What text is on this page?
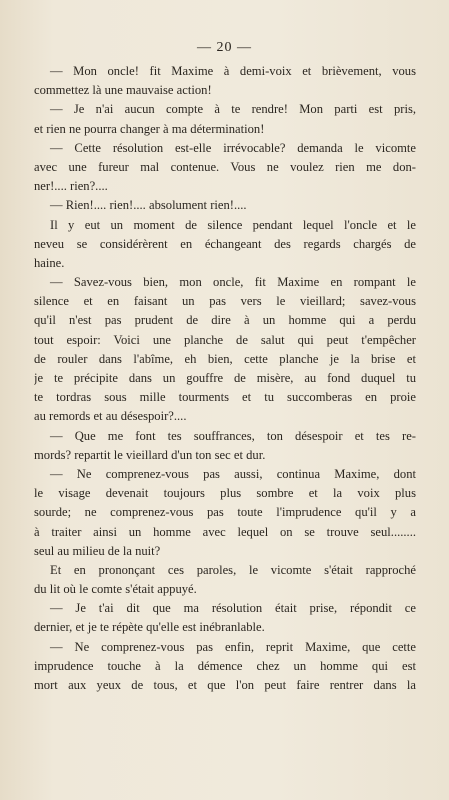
— 20 —
— Mon oncle! fit Maxime à demi-voix et brièvement, vous
commettez là une mauvaise action!
— Je n'ai aucun compte à te rendre! Mon parti est pris,
et rien ne pourra changer à ma détermination!
— Cette résolution est-elle irrévocable? demanda le vicomte
avec une fureur mal contenue. Vous ne voulez rien me don-
ner!.... rien?....
— Rien!.... rien!.... absolument rien!....
Il y eut un moment de silence pendant lequel l'oncle et le
neveu se considérèrent en échangeant des regards chargés de
haine.
— Savez-vous bien, mon oncle, fit Maxime en rompant le
silence et en faisant un pas vers le vieillard; savez-vous
qu'il n'est pas prudent de dire à un homme qui a perdu
tout espoir: Voici une planche de salut qui peut t'empêcher
de rouler dans l'abîme, eh bien, cette planche je la brise et
je te précipite dans un gouffre de misère, au fond duquel tu
te tordras sous mille tourments et tu succomberas en proie
au remords et au désespoir?....
— Que me font tes souffrances, ton désespoir et tes re-
mords? repartit le vieillard d'un ton sec et dur.
— Ne comprenez-vous pas aussi, continua Maxime, dont
le visage devenait toujours plus sombre et la voix plus
sourde; ne comprenez-vous pas toute l'imprudence qu'il y a
à traiter ainsi un homme avec lequel on se trouve seul........
seul au milieu de la nuit?
Et en prononçant ces paroles, le vicomte s'était rapproché
du lit où le comte s'était appuyé.
— Je t'ai dit que ma résolution était prise, répondit ce
dernier, et je te répète qu'elle est inébranlable.
— Ne comprenez-vous pas enfin, reprit Maxime, que cette
imprudence touche à la démence chez un homme qui est
mort aux yeux de tous, et que l'on peut faire rentrer dans la
